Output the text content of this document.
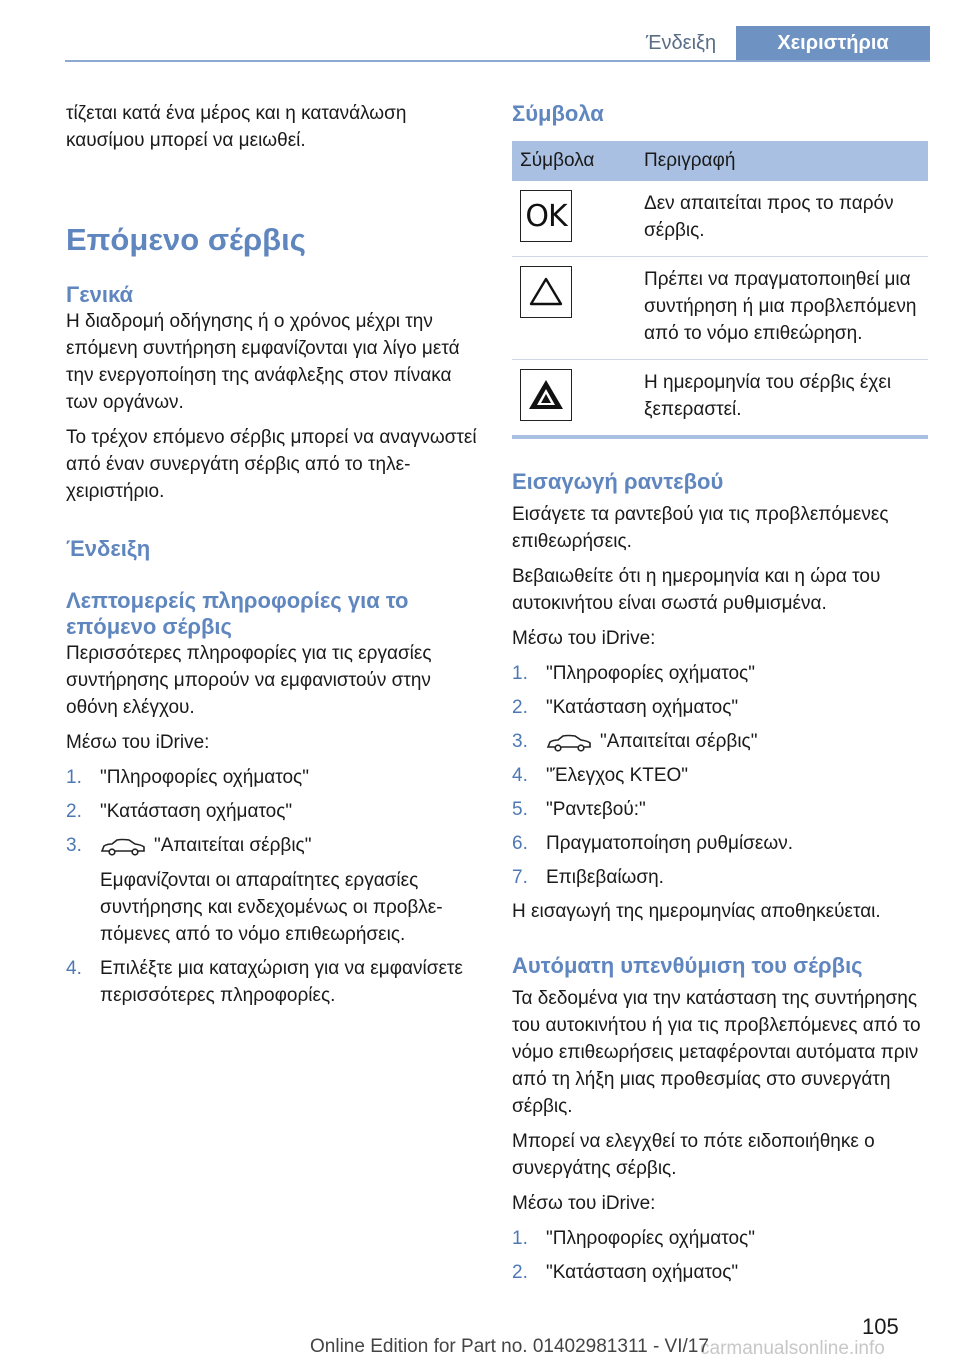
Ένδειξη	Χειριστήρια

τίζεται κατά ένα μέρος και η κατανάλωση καυσίμου μπορεί να μειωθεί.

Επόμενο σέρβις
Γενικά

Η διαδρομή οδήγησης ή ο χρόνος μέχρι την επόμενη συντήρηση εμφανίζονται για λίγο μετά την ενεργοποίηση της ανάφλεξης στον πίνακα των οργάνων.

Το τρέχον επόμενο σέρβις μπορεί να αναγνωστεί από έναν συνεργάτη σέρβις από το τηλεχειριστήριο.

Ένδειξη
Λεπτομερείς πληροφορίες για το επόμενο σέρβις

Περισσότερες πληροφορίες για τις εργασίες συντήρησης μπορούν να εμφανιστούν στην οθόνη ελέγχου.

Μέσω του iDrive:

1. "Πληροφορίες οχήματος"
2. "Κατάσταση οχήματος"
3.	"Απαιτείται σέρβις"
Εμφανίζονται οι απαραίτητες εργασίες συντήρησης και ενδεχομένως οι προβλεπόμενες από το νόμο επιθεωρήσεις.
4. Επιλέξτε μια καταχώριση για να εμφανίσετε περισσότερες πληροφορίες.
Σύμβολα
Σύμβολα	Περιγραφή

OK	Δεν απαιτείται προς το παρόν σέρβις.

	Πρέπει να πραγματοποιηθεί μια συντήρηση ή μια προβλεπόμενη από το νόμο επιθεώρηση.

	Η ημερομηνία του σέρβις έχει ξεπεραστεί.
Εισαγωγή ραντεβού

Εισάγετε τα ραντεβού για τις προβλεπόμενες επιθεωρήσεις.

Βεβαιωθείτε ότι η ημερομηνία και η ώρα του αυτοκινήτου είναι σωστά ρυθμισμένα.

Μέσω του iDrive:

1. "Πληροφορίες οχήματος"
2. "Κατάσταση οχήματος"
3.	"Απαιτείται σέρβις"
4. "Έλεγχος ΚΤΕΟ"
5. "Ραντεβού:"
6. Πραγματοποίηση ρυθμίσεων.
7. Επιβεβαίωση.

Η εισαγωγή της ημερομηνίας αποθηκεύεται.

Αυτόματη υπενθύμιση του σέρβις

Τα δεδομένα για την κατάσταση της συντήρησης του αυτοκινήτου ή για τις προβλεπόμενες από το νόμο επιθεωρήσεις μεταφέρονται αυτόματα πριν από τη λήξη μιας προθεσμίας στο συνεργάτη σέρβις.

Μπορεί να ελεγχθεί το πότε ειδοποιήθηκε ο συνεργάτης σέρβις.

Μέσω του iDrive:

1. "Πληροφορίες οχήματος"
2. "Κατάσταση οχήματος"
105
carmanualsonline.info
Online Edition for Part no. 01402981311 - VI/17
